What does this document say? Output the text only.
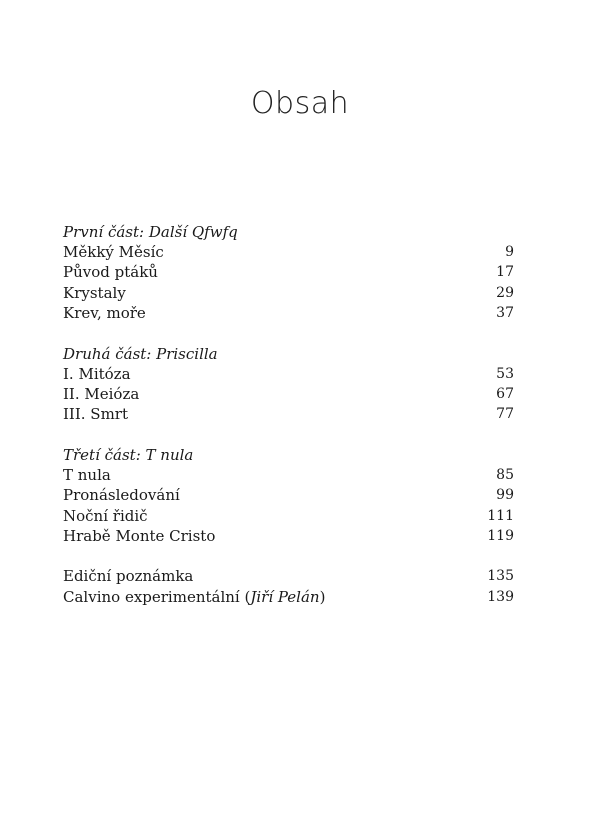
Obsah
První část: Další Qfwfq
Měkký Měsíc	9
Původ ptáků	17
Krystaly	29
Krev, moře	37
Druhá část: Priscilla
I. Mitóza	53
II. Meióza	67
III. Smrt	77
Třetí část: T nula
T nula	85
Pronásledování	99
Noční řidič	111
Hrabě Monte Cristo	119
Ediční poznámka	135
Calvino experimentální (Jiří Pelán)	139
